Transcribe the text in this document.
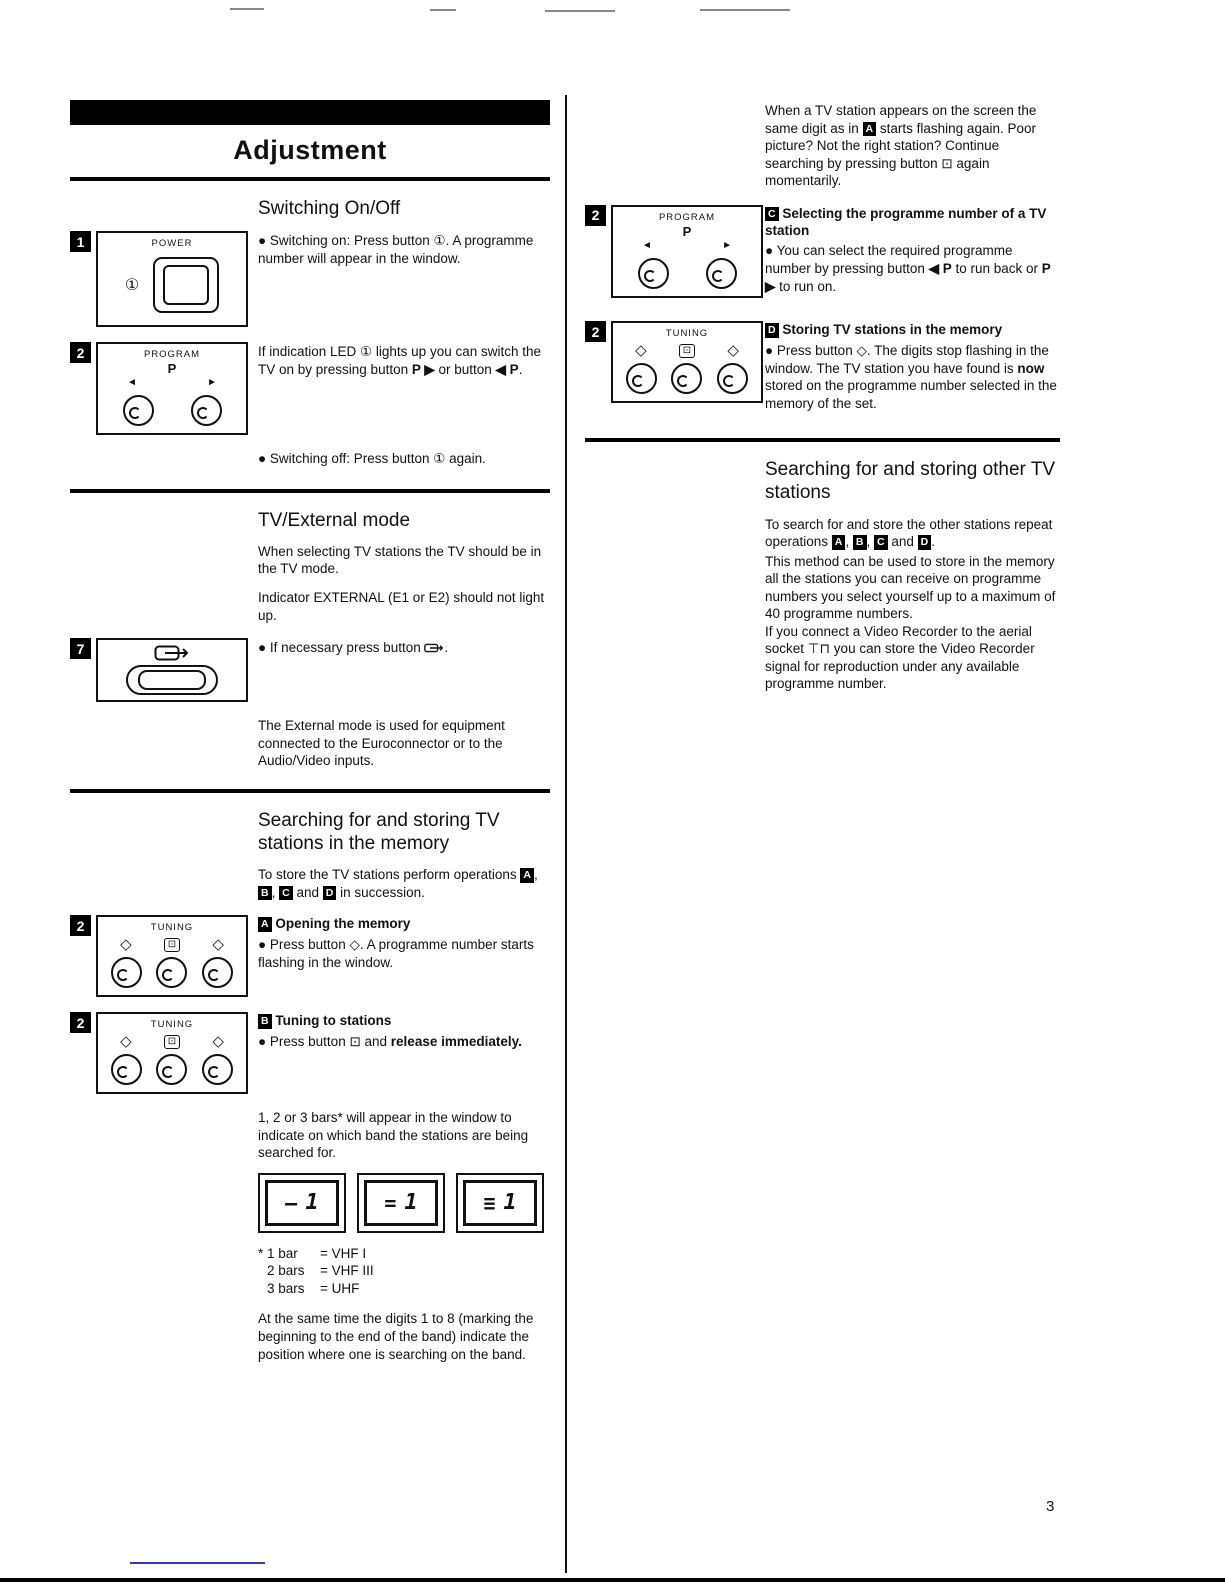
Adjustment
Switching On/Off
1	POWER
①

● Switching on: Press button ①. A programme number will appear in the window.

2	PROGRAM
P
◄	►

If indication LED ① lights up you can switch the TV on by pressing button P ▶ or button ◀ P.

● Switching off: Press button ① again.

TV/External mode

When selecting TV stations the TV should be in the TV mode.

Indicator EXTERNAL (E1 or E2) should not light up.

7	● If necessary press button .

The External mode is used for equipment connected to the Euroconnector or to the Audio/Video inputs.

Searching for and storing TV stations in the memory

To store the TV stations perform operations A , B , C and D in succession.

2	TUNING
◇	⊡ ◇
A Opening the memory

● Press button ◇. A programme number starts flashing in the window.

2	TUNING
◇	⊡ ◇
B Tuning to stations

● Press button ⊡ and release immediately.

1, 2 or 3 bars* will appear in the window to indicate on which band the stations are being searched for.

– 1	= 1	≡ 1
* 1 bar = VHF I
2 bars = VHF III
3 bars = UHF

At the same time the digits 1 to 8 (marking the beginning to the end of the band) indicate the position where one is searching on the band.

When a TV station appears on the screen the same digit as in A starts flashing again. Poor picture? Not the right station? Continue searching by pressing button ⊡ again momentarily.

2	PROGRAM
P
◄	►
C Selecting the programme number of a TV station

● You can select the required programme number by pressing button ◀ P to run back or P ▶ to run on.

2	TUNING
◇	⊡ ◇
D Storing TV stations in the memory

● Press button ◇. The digits stop flashing in the window. The TV station you have found is now stored on the programme number selected in the memory of the set.

Searching for and storing other TV stations

To search for and store the other stations repeat operations A , B , C and D .

This method can be used to store in the memory all the stations you can receive on programme numbers you select yourself up to a maximum of 40 programme numbers.

If you connect a Video Recorder to the aerial socket ⊤⊓ you can store the Video Recorder signal for reproduction under any available programme number.

3
